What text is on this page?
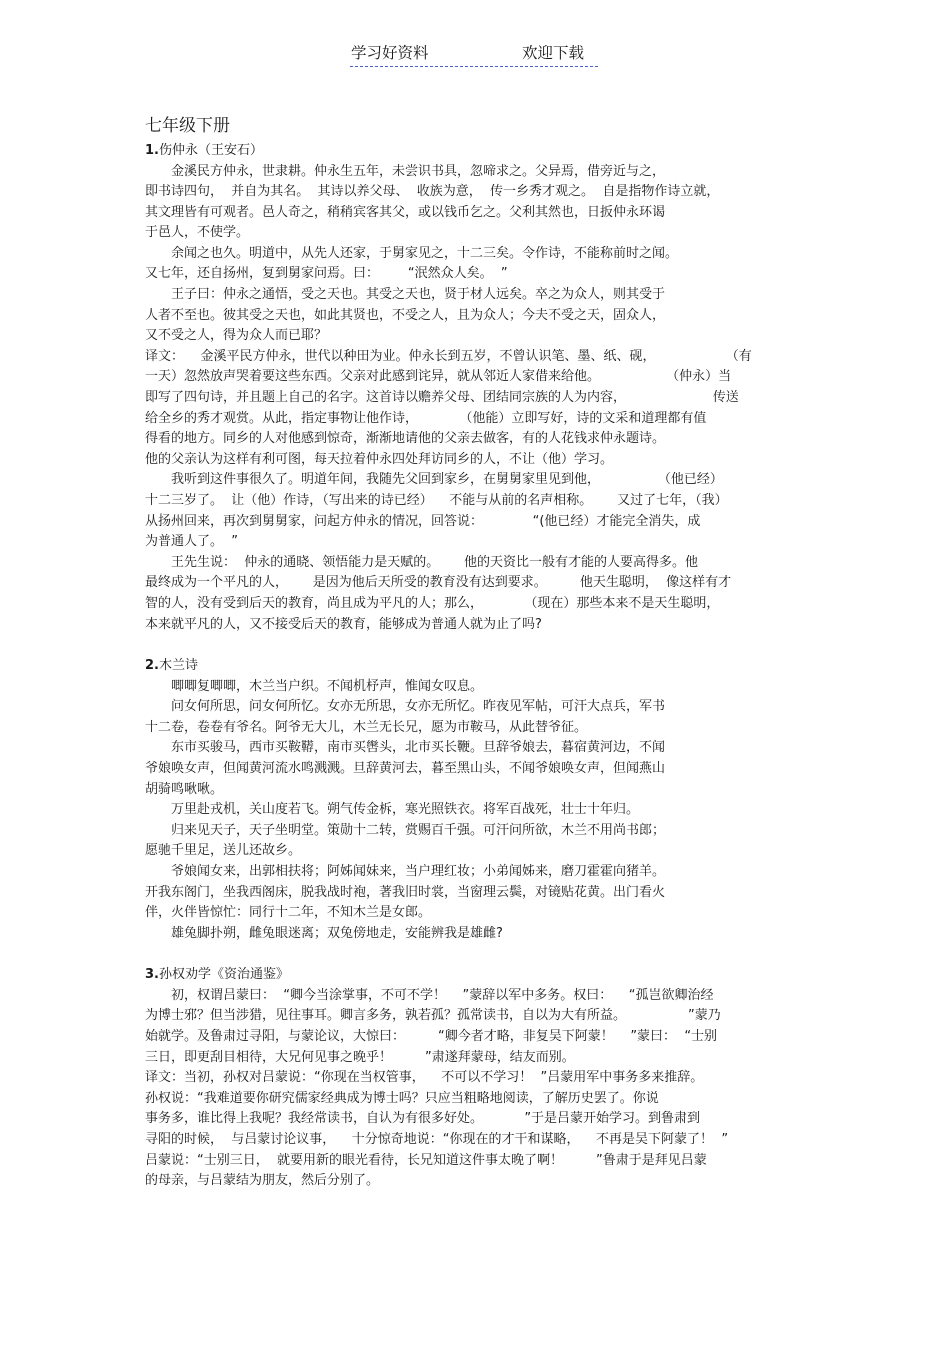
学习好资料	欢迎下载
七年级下册
1.伤仲永（王安石）
金溪民方仲永，世隶耕。仲永生五年，未尝识书具，忽啼求之。父异焉，借旁近与之，
即书诗四句，  并自为其名。  其诗以养父母、  收族为意，  传一乡秀才观之。  自是指物作诗立就，
其文理皆有可观者。邑人奇之，稍稍宾客其父，或以钱币乞之。父利其然也，日扳仲永环谒
于邑人，不使学。
余闻之也久。明道中，从先人还家，于舅家见之，十二三矣。令作诗，不能称前时之闻。
又七年，还自扬州，复到舅家问焉。曰：       “泯然众人矣。  ”
王子曰：仲永之通悟，受之天也。其受之天也，贤于材人远矣。卒之为众人，则其受于
人者不至也。彼其受之天也，如此其贤也，不受之人，且为众人；今夫不受之天，固众人，
又不受之人，得为众人而已耶？
译文：    金溪平民方仲永，世代以种田为业。仲永长到五岁，不曾认识笔、墨、纸、砚，                 （有
一天）忽然放声哭着要这些东西。父亲对此感到诧异，就从邻近人家借来给他。                （仲永）当
即写了四句诗，并且题上自己的名字。这首诗以赡养父母、团结同宗族的人为内容，                     传送
给全乡的秀才观赏。从此，指定事物让他作诗，          （他能）立即写好，诗的文采和道理都有值
得看的地方。同乡的人对他感到惊奇，渐渐地请他的父亲去做客，有的人花钱求仲永题诗。
他的父亲认为这样有利可图，每天拉着仲永四处拜访同乡的人，不让（他）学习。
我听到这件事很久了。明道年间，我随先父回到家乡，在舅舅家里见到他，              （他已经）
十二三岁了。  让（他）作诗，（写出来的诗已经）    不能与从前的名声相称。      又过了七年，（我）
从扬州回来，再次到舅舅家，问起方仲永的情况，回答说：            “(他已经）才能完全消失，成
为普通人了。  ”
王先生说：  仲永的通晓、领悟能力是天赋的。      他的天资比一般有才能的人要高得多。他
最终成为一个平凡的人，      是因为他后天所受的教育没有达到要求。        他天生聪明，  像这样有才
智的人，没有受到后天的教育，尚且成为平凡的人；那么，          （现在）那些本来不是天生聪明，
本来就平凡的人，又不接受后天的教育，能够成为普通人就为止了吗?
2.木兰诗
唧唧复唧唧，木兰当户织。不闻机杼声，惟闻女叹息。
问女何所思，问女何所忆。女亦无所思，女亦无所忆。昨夜见军帖，可汗大点兵，军书
十二卷，卷卷有爷名。阿爷无大儿，木兰无长兄，愿为市鞍马，从此替爷征。
东市买骏马，西市买鞍鞯，南市买辔头，北市买长鞭。旦辞爷娘去，暮宿黄河边，不闻
爷娘唤女声，但闻黄河流水鸣溅溅。旦辞黄河去，暮至黑山头，不闻爷娘唤女声，但闻燕山
胡骑鸣啾啾。
万里赴戎机，关山度若飞。朔气传金柝，寒光照铁衣。将军百战死，壮士十年归。
归来见天子，天子坐明堂。策勋十二转，赏赐百千强。可汗问所欲，木兰不用尚书郎；
愿驰千里足，送儿还故乡。
爷娘闻女来，出郭相扶将；阿姊闻妹来，当户理红妆；小弟闻姊来，磨刀霍霍向猪羊。
开我东阁门，坐我西阁床，脱我战时袍，著我旧时裳，当窗理云鬓，对镜贴花黄。出门看火
伴，火伴皆惊忙：同行十二年，不知木兰是女郎。
雄兔脚扑朔，雌兔眼迷离；双兔傍地走，安能辨我是雄雌?
3.孙权劝学《资治通鉴》
初，权谓吕蒙曰：  “卿今当涂掌事，不可不学！    ”蒙辞以军中多务。权曰：    “孤岂欲卿治经
为博士邪？但当涉猎，见往事耳。卿言多务，孰若孤？孤常读书，自以为大有所益。               ”蒙乃
始就学。及鲁肃过寻阳，与蒙论议，大惊曰：        “卿今者才略，非复吴下阿蒙！    ”蒙曰：  “士别
三日，即更刮目相待，大兄何见事之晚乎！        ”肃遂拜蒙母，结友而别。
译文：当初，孙权对吕蒙说：“你现在当权管事，    不可以不学习！  ”吕蒙用军中事务多来推辞。
孙权说：“我难道要你研究儒家经典成为博士吗？只应当粗略地阅读，了解历史罢了。你说
事务多，谁比得上我呢？我经常读书，自认为有很多好处。          ”于是吕蒙开始学习。到鲁肃到
寻阳的时候，  与吕蒙讨论议事，    十分惊奇地说：“你现在的才干和谋略，    不再是吴下阿蒙了！  ”
吕蒙说：“士别三日，  就要用新的眼光看待，长兄知道这件事太晚了啊！        ”鲁肃于是拜见吕蒙
的母亲，与吕蒙结为朋友，然后分别了。
